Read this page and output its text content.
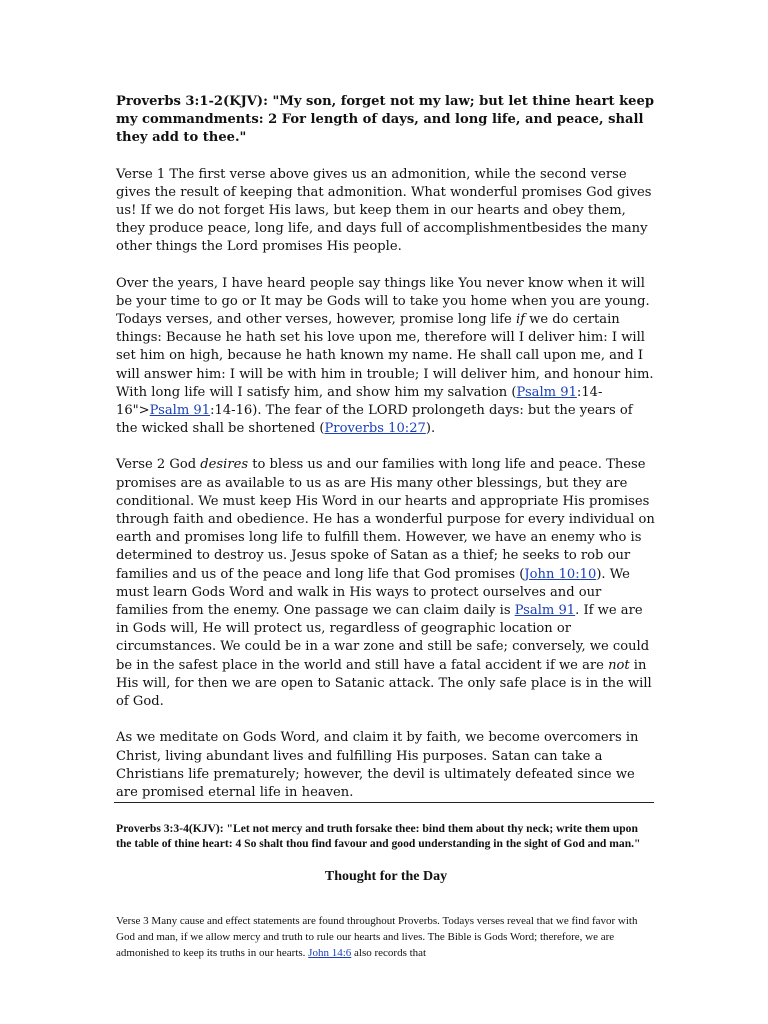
Proverbs 3:1-2(KJV): "My son, forget not my law; but let thine heart keep my commandments: 2 For length of days, and long life, and peace, shall they add to thee."

Verse 1 The first verse above gives us an admonition, while the second verse gives the result of keeping that admonition. What wonderful promises God gives us! If we do not forget His laws, but keep them in our hearts and obey them, they produce peace, long life, and days full of accomplishmentbesides the many other things the Lord promises His people.

Over the years, I have heard people say things like You never know when it will be your time to go or It may be Gods will to take you home when you are young. Todays verses, and other verses, however, promise long life if we do certain things: Because he hath set his love upon me, therefore will I deliver him: I will set him on high, because he hath known my name. He shall call upon me, and I will answer him: I will be with him in trouble; I will deliver him, and honour him. With long life will I satisfy him, and show him my salvation (Psalm 91:14-16">Psalm 91:14-16). The fear of the LORD prolongeth days: but the years of the wicked shall be shortened (Proverbs 10:27).

Verse 2 God desires to bless us and our families with long life and peace. These promises are as available to us as are His many other blessings, but they are conditional. We must keep His Word in our hearts and appropriate His promises through faith and obedience. He has a wonderful purpose for every individual on earth and promises long life to fulfill them. However, we have an enemy who is determined to destroy us. Jesus spoke of Satan as a thief; he seeks to rob our families and us of the peace and long life that God promises (John 10:10). We must learn Gods Word and walk in His ways to protect ourselves and our families from the enemy. One passage we can claim daily is Psalm 91. If we are in Gods will, He will protect us, regardless of geographic location or circumstances. We could be in a war zone and still be safe; conversely, we could be in the safest place in the world and still have a fatal accident if we are not in His will, for then we are open to Satanic attack. The only safe place is in the will of God.

As we meditate on Gods Word, and claim it by faith, we become overcomers in Christ, living abundant lives and fulfilling His purposes. Satan can take a Christians life prematurely; however, the devil is ultimately defeated since we are promised eternal life in heaven.

Proverbs 3:3-4(KJV): "Let not mercy and truth forsake thee: bind them about thy neck; write them upon the table of thine heart: 4 So shalt thou find favour and good understanding in the sight of God and man."

Thought for the Day

Verse 3 Many cause and effect statements are found throughout Proverbs. Todays verses reveal that we find favor with God and man, if we allow mercy and truth to rule our hearts and lives. The Bible is Gods Word; therefore, we are admonished to keep its truths in our hearts. John 14:6 also records that
